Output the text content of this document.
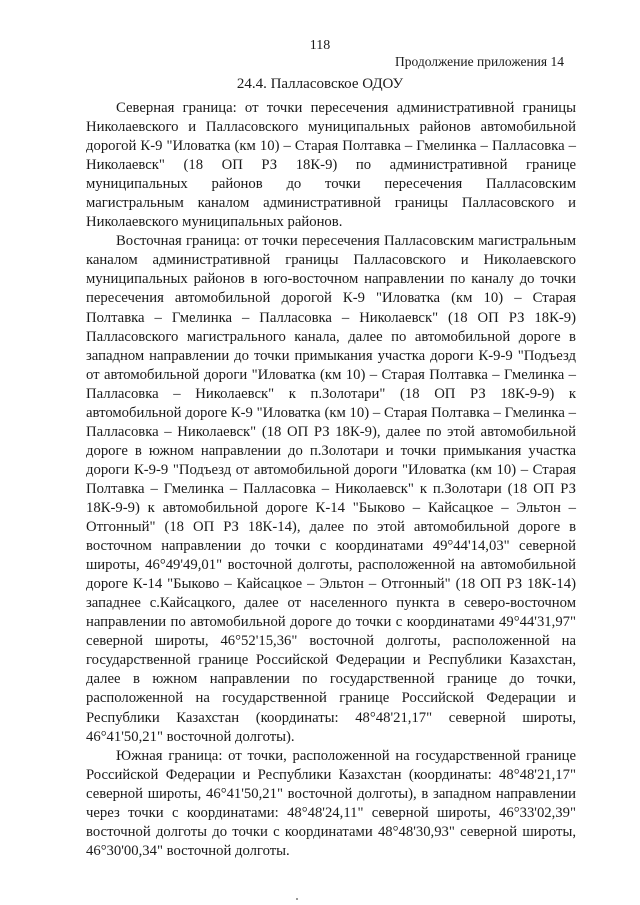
118
Продолжение приложения 14
24.4. Палласовское ОДОУ

Северная граница: от точки пересечения административной границы Николаевского и Палласовского муниципальных районов автомобильной дорогой К-9 "Иловатка (км 10) – Старая Полтавка – Гмелинка – Палласовка – Николаевск" (18 ОП РЗ 18К-9) по административной границе муниципальных районов до точки пересечения Палласовским магистральным каналом административной границы Палласовского и Николаевского муниципальных районов.

Восточная граница: от точки пересечения Палласовским магистральным каналом административной границы Палласовского и Николаевского муниципальных районов в юго-восточном направлении по каналу до точки пересечения автомобильной дорогой К-9 "Иловатка (км 10) – Старая Полтавка – Гмелинка – Палласовка – Николаевск" (18 ОП РЗ 18К-9) Палласовского магистрального канала, далее по автомобильной дороге в западном направлении до точки примыкания участка дороги К-9-9 "Подъезд от автомобильной дороги "Иловатка (км 10) – Старая Полтавка – Гмелинка – Палласовка – Николаевск" к п.Золотари" (18 ОП РЗ 18К-9-9) к автомобильной дороге К-9 "Иловатка (км 10) – Старая Полтавка – Гмелинка – Палласовка – Николаевск" (18 ОП РЗ 18К-9), далее по этой автомобильной дороге в южном направлении до п.Золотари и точки примыкания участка дороги К-9-9 "Подъезд от автомобильной дороги "Иловатка (км 10) – Старая Полтавка – Гмелинка – Палласовка – Николаевск" к п.Золотари (18 ОП РЗ 18К-9-9) к автомобильной дороге К-14 "Быково – Кайсацкое – Эльтон – Отгонный" (18 ОП РЗ 18К-14), далее по этой автомобильной дороге в восточном направлении до точки с координатами 49°44'14,03" северной широты, 46°49'49,01" восточной долготы, расположенной на автомобильной дороге К-14 "Быково – Кайсацкое – Эльтон – Отгонный" (18 ОП РЗ 18К-14) западнее с.Кайсацкого, далее от населенного пункта в северо-восточном направлении по автомобильной дороге до точки с координатами 49°44'31,97" северной широты, 46°52'15,36" восточной долготы, расположенной на государственной границе Российской Федерации и Республики Казахстан, далее в южном направлении по государственной границе до точки, расположенной на государственной границе Российской Федерации и Республики Казахстан (координаты: 48°48'21,17" северной широты, 46°41'50,21" восточной долготы).

Южная граница: от точки, расположенной на государственной границе Российской Федерации и Республики Казахстан (координаты: 48°48'21,17" северной широты, 46°41'50,21" восточной долготы), в западном направлении через точки с координатами: 48°48'24,11" северной широты, 46°33'02,39" восточной долготы до точки с координатами 48°48'30,93" северной широты, 46°30'00,34" восточной долготы.
